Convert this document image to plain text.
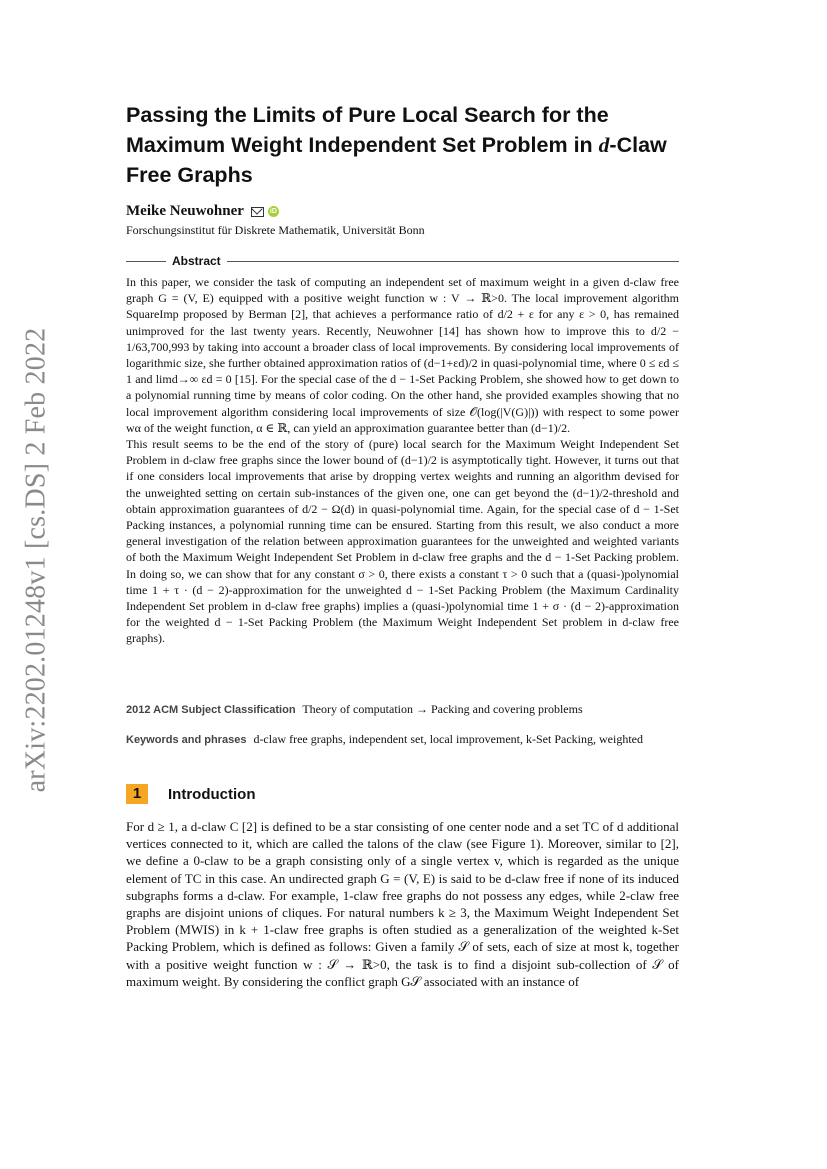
arXiv:2202.01248v1 [cs.DS] 2 Feb 2022
Passing the Limits of Pure Local Search for the Maximum Weight Independent Set Problem in d-Claw Free Graphs
Meike Neuwohner	iD
Forschungsinstitut für Diskrete Mathematik, Universität Bonn
Abstract

In this paper, we consider the task of computing an independent set of maximum weight in a given d-claw free graph G = (V, E) equipped with a positive weight function w : V → ℝ>0. The local improvement algorithm SquareImp proposed by Berman [2], that achieves a performance ratio of d/2 + ε for any ε > 0, has remained unimproved for the last twenty years. Recently, Neuwohner [14] has shown how to improve this to d/2 − 1/63,700,993 by taking into account a broader class of local improvements. By considering local improvements of logarithmic size, she further obtained approximation ratios of (d−1+εd)/2 in quasi-polynomial time, where 0 ≤ εd ≤ 1 and limd→∞ εd = 0 [15]. For the special case of the d − 1-Set Packing Problem, she showed how to get down to a polynomial running time by means of color coding. On the other hand, she provided examples showing that no local improvement algorithm considering local improvements of size 𝒪(log(|V(G)|)) with respect to some power wα of the weight function, α ∈ ℝ, can yield an approximation guarantee better than (d−1)/2.

This result seems to be the end of the story of (pure) local search for the Maximum Weight Independent Set Problem in d-claw free graphs since the lower bound of (d−1)/2 is asymptotically tight. However, it turns out that if one considers local improvements that arise by dropping vertex weights and running an algorithm devised for the unweighted setting on certain sub-instances of the given one, one can get beyond the (d−1)/2-threshold and obtain approximation guarantees of d/2 − Ω(d) in quasi-polynomial time. Again, for the special case of d − 1-Set Packing instances, a polynomial running time can be ensured. Starting from this result, we also conduct a more general investigation of the relation between approximation guarantees for the unweighted and weighted variants of both the Maximum Weight Independent Set Problem in d-claw free graphs and the d − 1-Set Packing problem. In doing so, we can show that for any constant σ > 0, there exists a constant τ > 0 such that a (quasi-)polynomial time 1 + τ · (d − 2)-approximation for the unweighted d − 1-Set Packing Problem (the Maximum Cardinality Independent Set problem in d-claw free graphs) implies a (quasi-)polynomial time 1 + σ · (d − 2)-approximation for the weighted d − 1-Set Packing Problem (the Maximum Weight Independent Set problem in d-claw free graphs).

2012 ACM Subject Classification Theory of computation → Packing and covering problems
Keywords and phrases d-claw free graphs, independent set, local improvement, k-Set Packing, weighted
1	Introduction

For d ≥ 1, a d-claw C [2] is defined to be a star consisting of one center node and a set TC of d additional vertices connected to it, which are called the talons of the claw (see Figure 1). Moreover, similar to [2], we define a 0-claw to be a graph consisting only of a single vertex v, which is regarded as the unique element of TC in this case. An undirected graph G = (V, E) is said to be d-claw free if none of its induced subgraphs forms a d-claw. For example, 1-claw free graphs do not possess any edges, while 2-claw free graphs are disjoint unions of cliques. For natural numbers k ≥ 3, the Maximum Weight Independent Set Problem (MWIS) in k + 1-claw free graphs is often studied as a generalization of the weighted k-Set Packing Problem, which is defined as follows: Given a family 𝒮 of sets, each of size at most k, together with a positive weight function w : 𝒮 → ℝ>0, the task is to find a disjoint sub-collection of 𝒮 of maximum weight. By considering the conflict graph G𝒮 associated with an instance of
